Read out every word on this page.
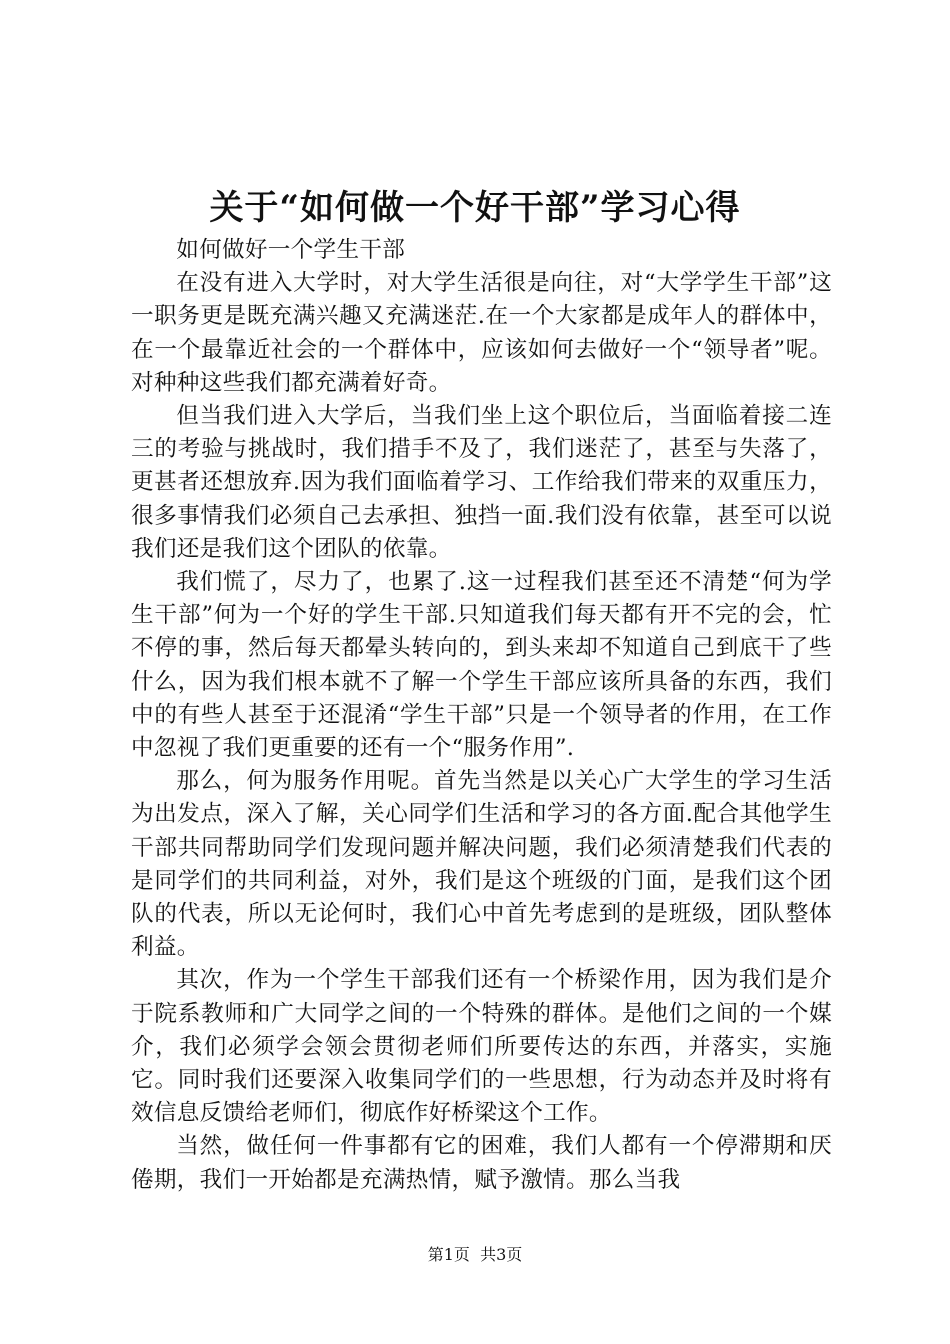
关于“如何做一个好干部”学习心得

如何做好一个学生干部

在没有进入大学时，对大学生活很是向往，对“大学学生干部”这一职务更是既充满兴趣又充满迷茫.在一个大家都是成年人的群体中，在一个最靠近社会的一个群体中，应该如何去做好一个“领导者”呢。对种种这些我们都充满着好奇。

但当我们进入大学后，当我们坐上这个职位后，当面临着接二连三的考验与挑战时，我们措手不及了，我们迷茫了，甚至与失落了，更甚者还想放弃.因为我们面临着学习、工作给我们带来的双重压力，很多事情我们必须自己去承担、独挡一面.我们没有依靠，甚至可以说我们还是我们这个团队的依靠。

我们慌了，尽力了，也累了.这一过程我们甚至还不清楚“何为学生干部”何为一个好的学生干部.只知道我们每天都有开不完的会，忙不停的事，然后每天都晕头转向的，到头来却不知道自己到底干了些什么，因为我们根本就不了解一个学生干部应该所具备的东西，我们中的有些人甚至于还混淆“学生干部”只是一个领导者的作用，在工作中忽视了我们更重要的还有一个“服务作用”.

那么，何为服务作用呢。首先当然是以关心广大学生的学习生活为出发点，深入了解，关心同学们生活和学习的各方面.配合其他学生干部共同帮助同学们发现问题并解决问题，我们必须清楚我们代表的是同学们的共同利益，对外，我们是这个班级的门面，是我们这个团队的代表，所以无论何时，我们心中首先考虑到的是班级，团队整体利益。

其次，作为一个学生干部我们还有一个桥梁作用，因为我们是介于院系教师和广大同学之间的一个特殊的群体。是他们之间的一个媒介，我们必须学会领会贯彻老师们所要传达的东西，并落实，实施它。同时我们还要深入收集同学们的一些思想，行为动态并及时将有效信息反馈给老师们，彻底作好桥梁这个工作。

当然，做任何一件事都有它的困难，我们人都有一个停滞期和厌倦期，我们一开始都是充满热情，赋予激情。那么当我

第1页 共3页
